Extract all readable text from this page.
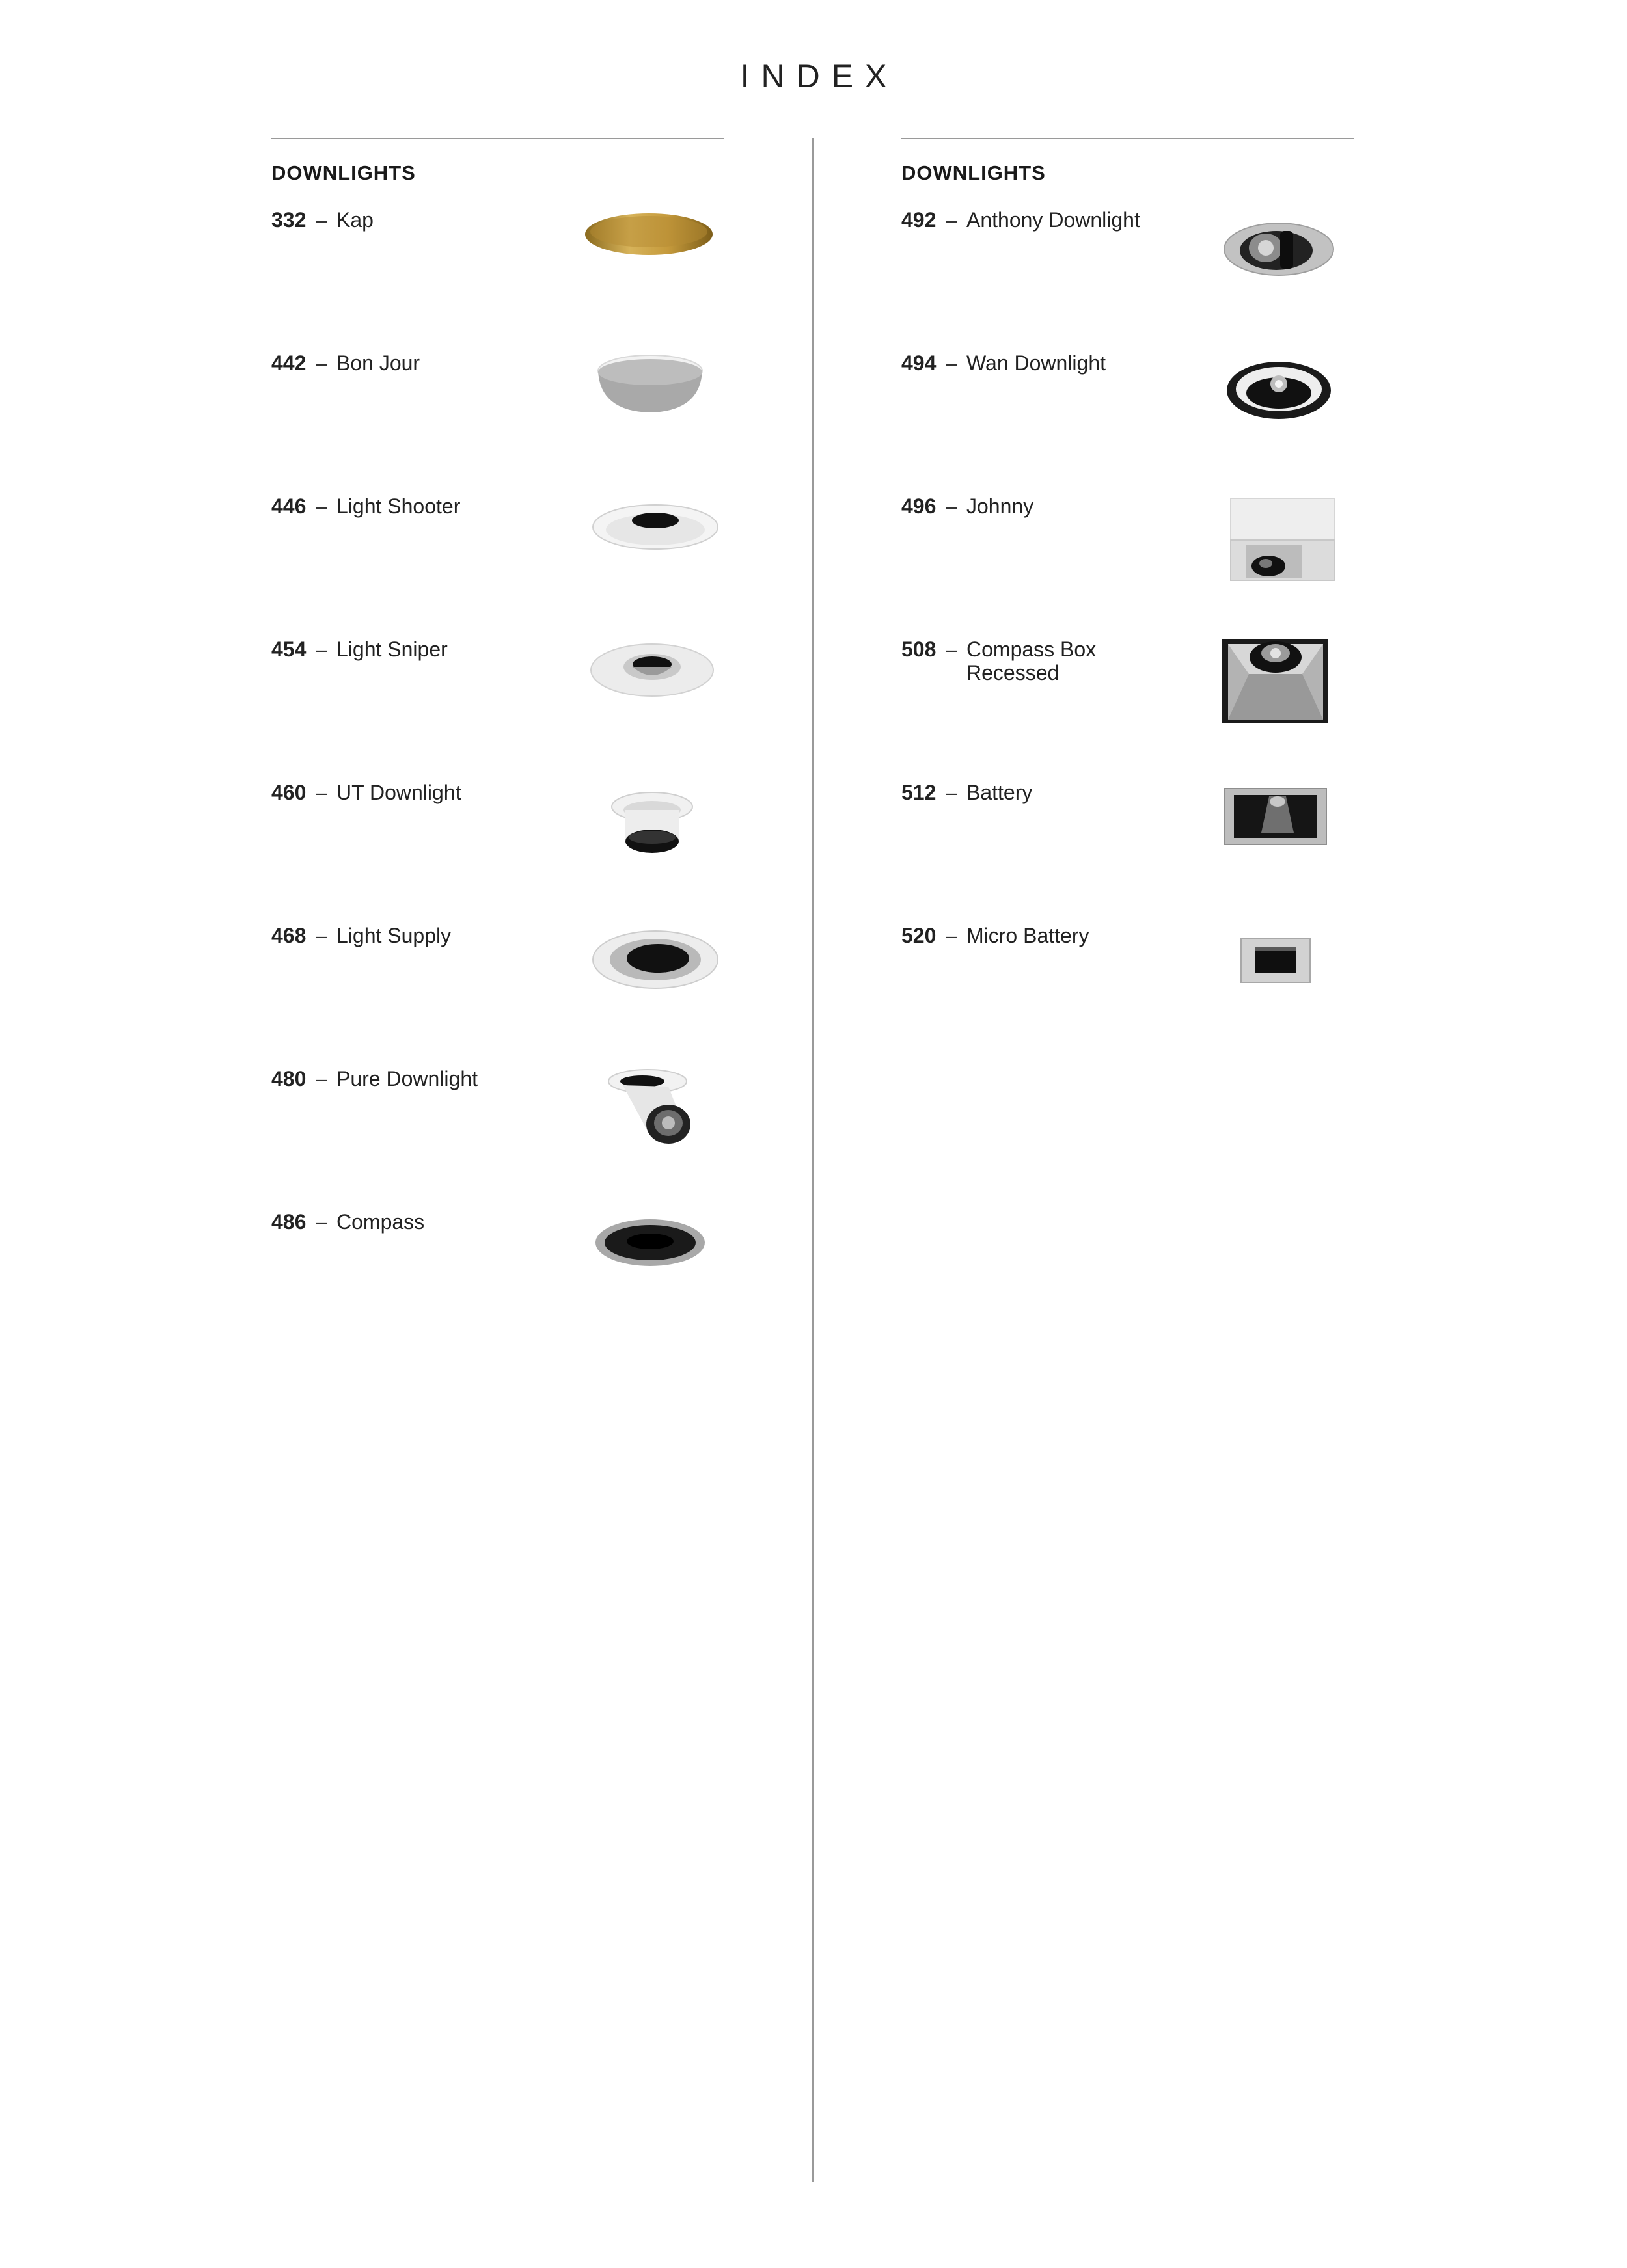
INDEX
DOWNLIGHTS	DOWNLIGHTS
332 – Kap
442 – Bon Jour
446 – Light Shooter
454 – Light Sniper
460 – UT Downlight
468 – Light Supply
480 – Pure Downlight
486 – Compass
492 – Anthony Downlight
494 – Wan Downlight
496 – Johnny
508 – Compass Box
Recessed
512 – Battery
520 – Micro Battery
